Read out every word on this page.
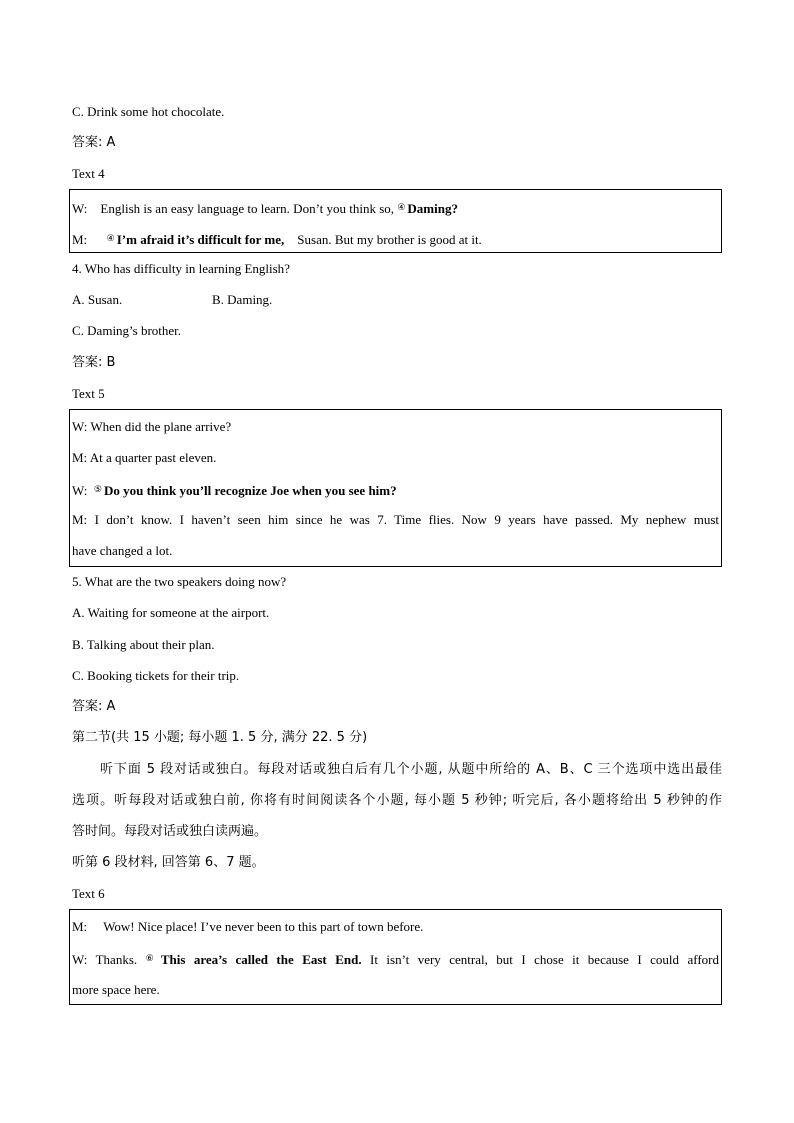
C. Drink some hot chocolate.
答案: A
Text 4
W: English is an easy language to learn. Don’t you think so, ④ Daming?
M: ④ I’m afraid it’s difficult for me, Susan. But my brother is good at it.
4. Who has difficulty in learning English?
A. Susan.	B. Daming.
C. Daming’s brother.
答案: B
Text 5
W: When did the plane arrive?
M: At a quarter past eleven.
W: ⑤ Do you think you’ll recognize Joe when you see him?
M: I don’t know. I haven’t seen him since he was 7. Time flies. Now 9 years have passed. My nephew must
have changed a lot.
5. What are the two speakers doing now?
A. Waiting for someone at the airport.
B. Talking about their plan.
C. Booking tickets for their trip.
答案: A
第二节(共 15 小题; 每小题 1. 5 分, 满分 22. 5 分)
听下面 5 段对话或独白。每段对话或独白后有几个小题, 从题中所给的 A、B、C 三个选项中选出最佳
选项。听每段对话或独白前, 你将有时间阅读各个小题, 每小题 5 秒钟; 听完后, 各小题将给出 5 秒钟的作
答时间。每段对话或独白读两遍。
听第 6 段材料, 回答第 6、7 题。
Text 6
M: Wow! Nice place! I’ve never been to this part of town before.
W: Thanks. ⑥ This area’s called the East End. It isn’t very central, but I chose it because I could afford
more space here.
